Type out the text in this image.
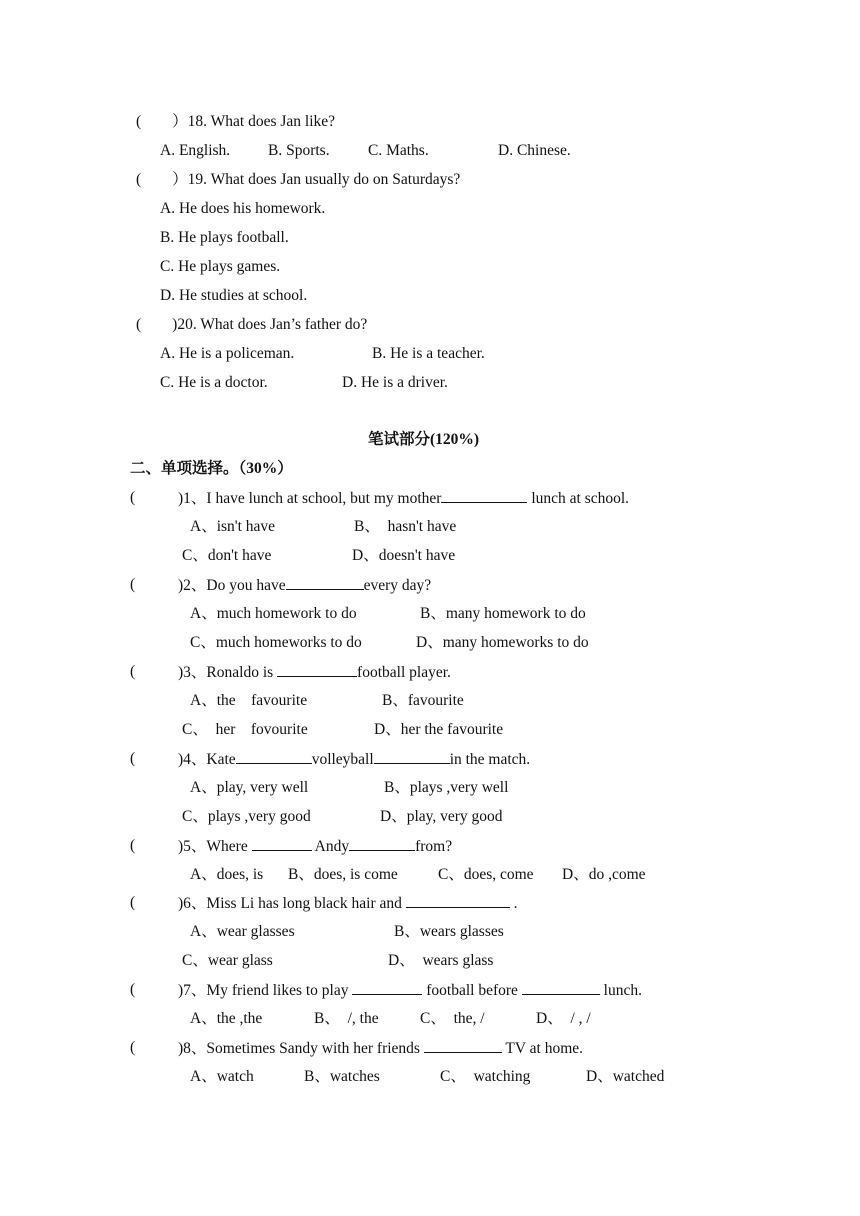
(        ）18. What does Jan like?
A. English. B. Sports. C. Maths.	D. Chinese.
(        ）19. What does Jan usually do on Saturdays?
A. He does his homework.
B. He plays football.
C. He plays games.
D. He studies at school.
(        )20. What does Jan’s father do?
A. He is a policeman.	B. He is a teacher.
C. He is a doctor.	D. He is a driver.
笔试部分(120%)
二、单项选择。（30%）
(	)1、I have lunch at school, but my mother	lunch at school.
A、isn't have	B、  hasn't have
C、don't have	D、doesn't have
(	)2、Do you have	every day?
A、much homework to do	B、many homework to do
C、much homeworks to do	D、many homeworks to do
(	)3、Ronaldo is	football player.
A、the    favourite	B、favourite
C、  her    fovourite	D、her the favourite
(	)4、Kate	volleyball	in the match.
A、play, very well	B、plays ,very well
C、plays ,very good	D、play, very good
(	)5、Where	Andy	from?
A、does, is B、does, is come	C、does, come D、do ,come
(	)6、Miss Li has long black hair and	.
A、wear glasses	B、wears glasses
C、wear glass	D、  wears glass
(	)7、My friend likes to play	football before	lunch.
A、the ,the	B、  /, the	C、  the, /	D、  / , /
(	)8、Sometimes Sandy with her friends	TV at home.
A、watch	B、watches	C、  watching	D、watched
